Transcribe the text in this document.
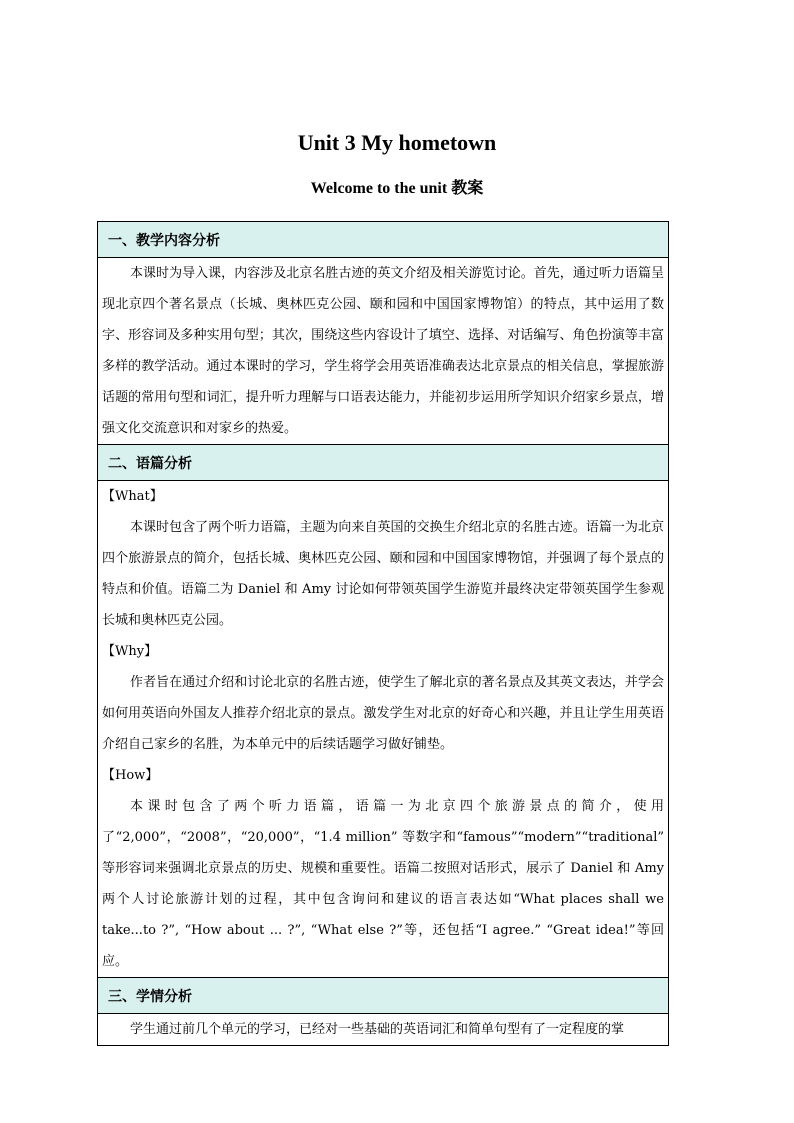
Unit 3 My hometown
Welcome to the unit 教案
一、教学内容分析

本课时为导入课，内容涉及北京名胜古迹的英文介绍及相关游览讨论。首先，通过听力语篇呈现北京四个著名景点（长城、奥林匹克公园、颐和园和中国国家博物馆）的特点，其中运用了数字、形容词及多种实用句型；其次，围绕这些内容设计了填空、选择、对话编写、角色扮演等丰富多样的教学活动。通过本课时的学习，学生将学会用英语准确表达北京景点的相关信息，掌握旅游话题的常用句型和词汇，提升听力理解与口语表达能力，并能初步运用所学知识介绍家乡景点，增强文化交流意识和对家乡的热爱。

二、语篇分析

【What】

本课时包含了两个听力语篇，主题为向来自英国的交换生介绍北京的名胜古迹。语篇一为北京四个旅游景点的简介，包括长城、奥林匹克公园、颐和园和中国国家博物馆，并强调了每个景点的特点和价值。语篇二为 Daniel 和 Amy 讨论如何带领英国学生游览并最终决定带领英国学生参观长城和奥林匹克公园。

【Why】

作者旨在通过介绍和讨论北京的名胜古迹，使学生了解北京的著名景点及其英文表达，并学会如何用英语向外国友人推荐介绍北京的景点。激发学生对北京的好奇心和兴趣，并且让学生用英语介绍自己家乡的名胜，为本单元中的后续话题学习做好铺垫。

【How】

本课时包含了两个听力语篇，语篇一为北京四个旅游景点的简介，使用了“2,000”，“2008”，“20,000”，“1.4 million” 等数字和“famous”“modern”“traditional” 等形容词来强调北京景点的历史、规模和重要性。语篇二按照对话形式，展示了 Daniel 和 Amy 两个人讨论旅游计划的过程，其中包含询问和建议的语言表达如“What places shall we take...to ?”, “How about ... ?”, “What else ?”等，还包括“I agree.” “Great idea!”等回应。

三、学情分析

学生通过前几个单元的学习，已经对一些基础的英语词汇和简单句型有了一定程度的掌
